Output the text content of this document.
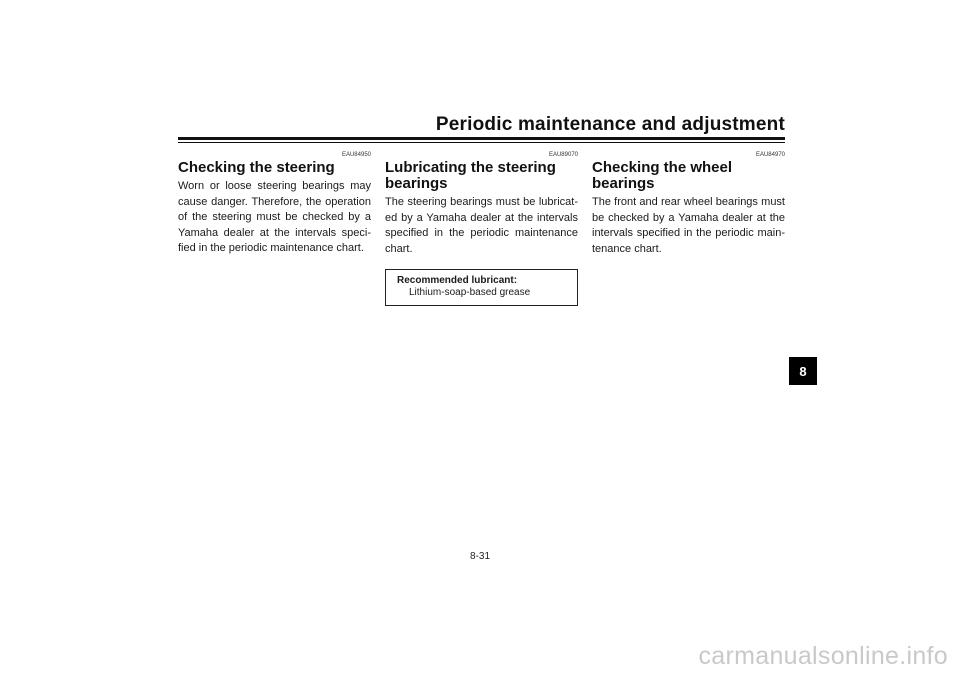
Periodic maintenance and adjustment
EAU84950
Checking the steering

Worn or loose steering bearings may cause danger. Therefore, the operation of the steering must be checked by a Yamaha dealer at the intervals specified in the periodic maintenance chart.

EAU89070
Lubricating the steering bearings

The steering bearings must be lubricated by a Yamaha dealer at the intervals specified in the periodic maintenance chart.

Recommended lubricant:
Lithium-soap-based grease
EAU84970
Checking the wheel bearings

The front and rear wheel bearings must be checked by a Yamaha dealer at the intervals specified in the periodic maintenance chart.

8
8-31
carmanualsonline.info
